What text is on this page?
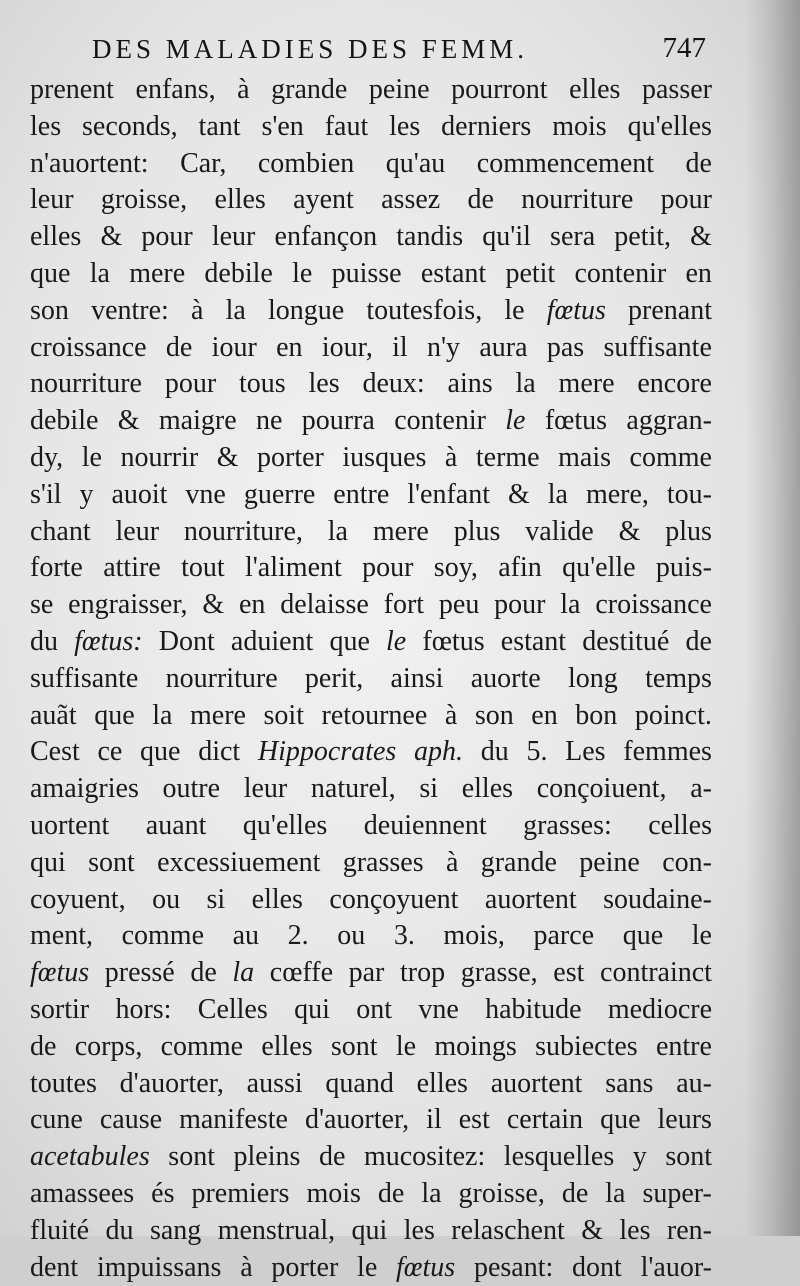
DES MALADIES DES FEMM.	747
prenent enfans, à grande peine pourront elles passer
les seconds, tant s'en faut les derniers mois qu'elles
n'auortent: Car, combien qu'au commencement de
leur groisse, elles ayent assez de nourriture pour
elles & pour leur enfançon tandis qu'il sera petit, &
que la mere debile le puisse estant petit contenir en
son ventre: à la longue toutesfois, le fœtus prenant
croissance de iour en iour, il n'y aura pas suffisante
nourriture pour tous les deux: ains la mere encore
debile & maigre ne pourra contenir le fœtus aggran-
dy, le nourrir & porter iusques à terme mais comme
s'il y auoit vne guerre entre l'enfant & la mere, tou-
chant leur nourriture, la mere plus valide & plus
forte attire tout l'aliment pour soy, afin qu'elle puis-
se engraisser, & en delaisse fort peu pour la croissance
du fœtus: Dont aduient que le fœtus estant destitué de
suffisante nourriture perit, ainsi auorte long temps
auãt que la mere soit retournee à son en bon poinct.
Cest ce que dict Hippocrates aph. du 5. Les femmes
amaigries outre leur naturel, si elles conçoiuent, a-
uortent auant qu'elles deuiennent grasses: celles
qui sont excessiuement grasses à grande peine con-
coyuent, ou si elles conçoyuent auortent soudaine-
ment, comme au 2. ou 3. mois, parce que le
fœtus pressé de la cœffe par trop grasse, est contrainct
sortir hors: Celles qui ont vne habitude mediocre
de corps, comme elles sont le moings subiectes entre
toutes d'auorter, aussi quand elles auortent sans au-
cune cause manifeste d'auorter, il est certain que leurs
acetabules sont pleins de mucositez: lesquelles y sont
amassees és premiers mois de la groisse, de la super-
fluité du sang menstrual, qui les relaschent & les ren-
dent impuissans à porter le fœtus pesant: dont l'auor-
